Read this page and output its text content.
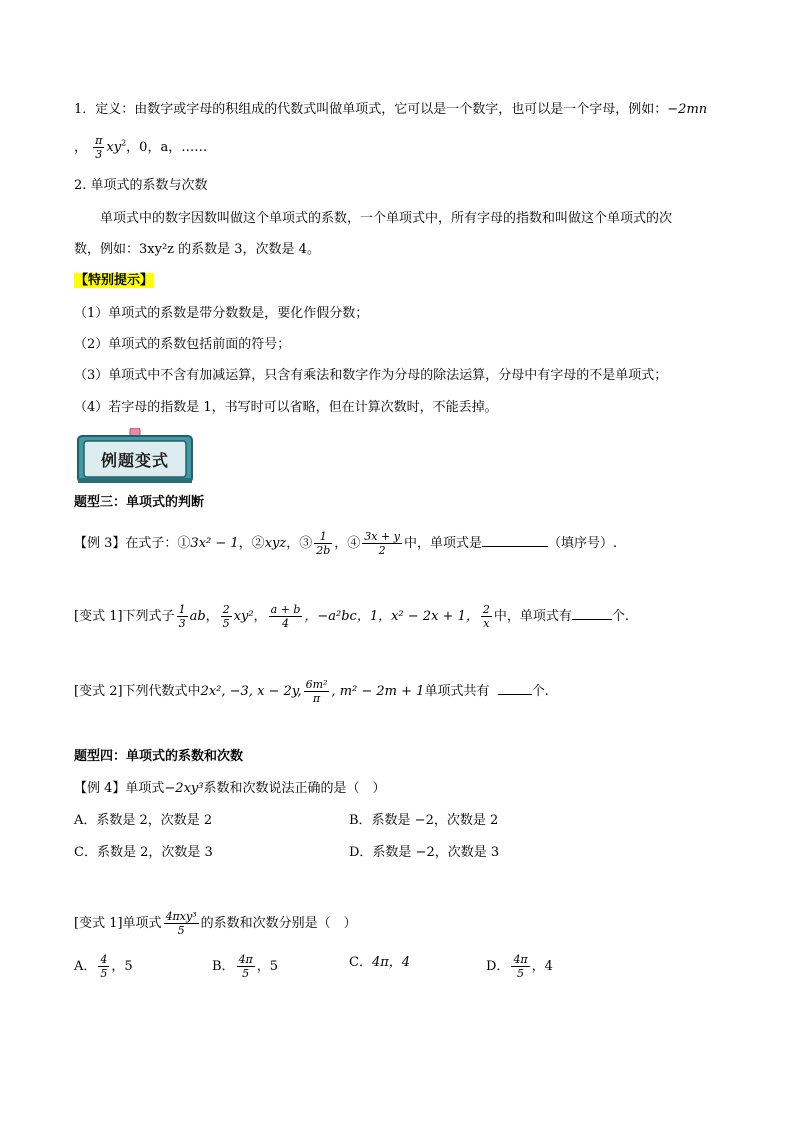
1．定义：由数字或字母的积组成的代数式叫做单项式，它可以是一个数字，也可以是一个字母，例如：−2mn
， $\frac{\pi}{3} xy^2$，0，a，……
2. 单项式的系数与次数
单项式中的数字因数叫做这个单项式的系数，一个单项式中，所有字母的指数和叫做这个单项式的次
数，例如：3xy²z 的系数是 3，次数是 4。
【特别提示】
（1）单项式的系数是带分数数是，要化作假分数；
（2）单项式的系数包括前面的符号；
（3）单项式中不含有加减运算，只含有乘法和数字作为分母的除法运算，分母中有字母的不是单项式；
（4）若字母的指数是 1，书写时可以省略，但在计算次数时，不能丢掉。
例题变式
题型三：单项式的判断
【例 3】在式子：①3x² − 1，②xyz，③ $\frac{1}{2b}$ ，④ $\frac{3x + y}{2}$ 中，单项式是	（填序号）.
[变式 1]下列式子 $\frac{1}{3}$ ab， $\frac{2}{5} xy^2$， $\frac{a + b}{4}$ ，−a²bc，1，x² − 2x + 1， $\frac{2}{x}$ 中，单项式有	个.
[变式 2]下列代数式中2x², −3, x − 2y, $\frac{\text{6m²}}{\pi}$ , m² − 2m + 1单项式共有	个.
题型四：单项式的系数和次数
【例 4】单项式−2xy³系数和次数说法正确的是（　）
A．系数是 2，次数是 2	B．系数是 −2，次数是 2
C．系数是 2，次数是 3	D．系数是 −2，次数是 3
[变式 1]单项式 $\frac{\text{4πxy³}}{5}$ 的系数和次数分别是（　）
A． $\frac{4}{5}$ ，5	B． $\frac{4\pi}{5}$ ，5	C．4π，4	D． $\frac{4\pi}{5}$ ，4
